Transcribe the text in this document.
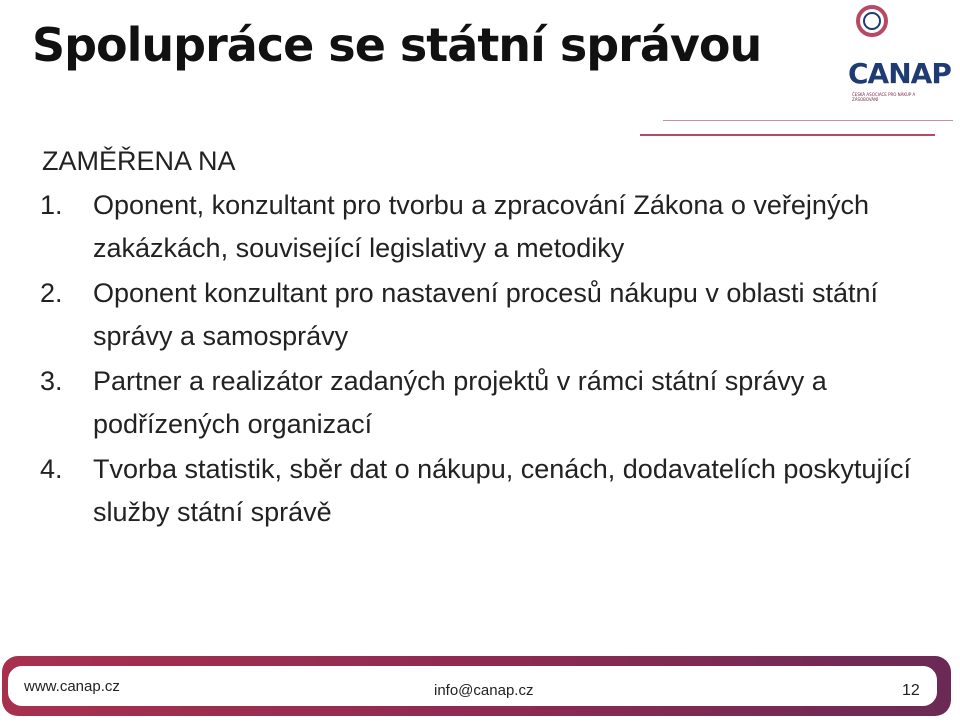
Spolupráce se státní správou
CANAP
ČESKÁ ASOCIACE PRO NÁKUP A ZÁSOBOVÁNÍ

ZAMĚŘENA NA

1. Oponent, konzultant pro tvorbu a zpracování Zákona o veřejných zakázkách, související legislativy a metodiky
2. Oponent konzultant pro nastavení procesů nákupu v oblasti státní správy a samosprávy
3. Partner a realizátor zadaných projektů v rámci státní správy a podřízených organizací
4. Tvorba statistik, sběr dat o nákupu, cenách, dodavatelích poskytující služby státní správě
www.canap.cz	info@canap.cz	12
